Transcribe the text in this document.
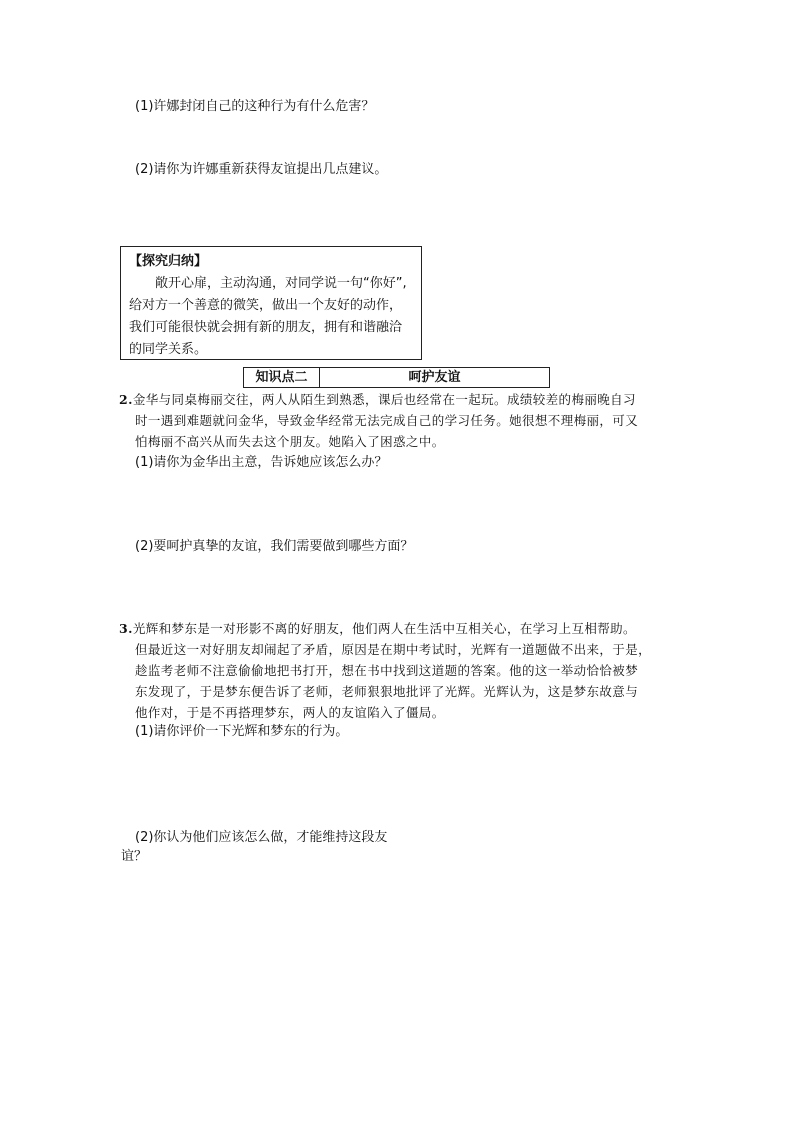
(1)许娜封闭自己的这种行为有什么危害？
(2)请你为许娜重新获得友谊提出几点建议。
【探究归纳】
敞开心扉，主动沟通，对同学说一句“你好”,给对方一个善意的微笑，做出一个友好的动作，我们可能很快就会拥有新的朋友，拥有和谐融洽的同学关系。
知识点二	呵护友谊
2.金华与同桌梅丽交往，两人从陌生到熟悉，课后也经常在一起玩。成绩较差的梅丽晚自习
时一遇到难题就问金华，导致金华经常无法完成自己的学习任务。她很想不理梅丽，可又
怕梅丽不高兴从而失去这个朋友。她陷入了困惑之中。
(1)请你为金华出主意，告诉她应该怎么办？
(2)要呵护真挚的友谊，我们需要做到哪些方面？
3.光辉和梦东是一对形影不离的好朋友，他们两人在生活中互相关心，在学习上互相帮助。
但最近这一对好朋友却闹起了矛盾，原因是在期中考试时，光辉有一道题做不出来，于是，
趁监考老师不注意偷偷地把书打开，想在书中找到这道题的答案。他的这一举动恰恰被梦
东发现了，于是梦东便告诉了老师，老师狠狠地批评了光辉。光辉认为，这是梦东故意与
他作对，于是不再搭理梦东，两人的友谊陷入了僵局。
(1)请你评价一下光辉和梦东的行为。
(2)你认为他们应该怎么做，才能维持这段友
谊？
